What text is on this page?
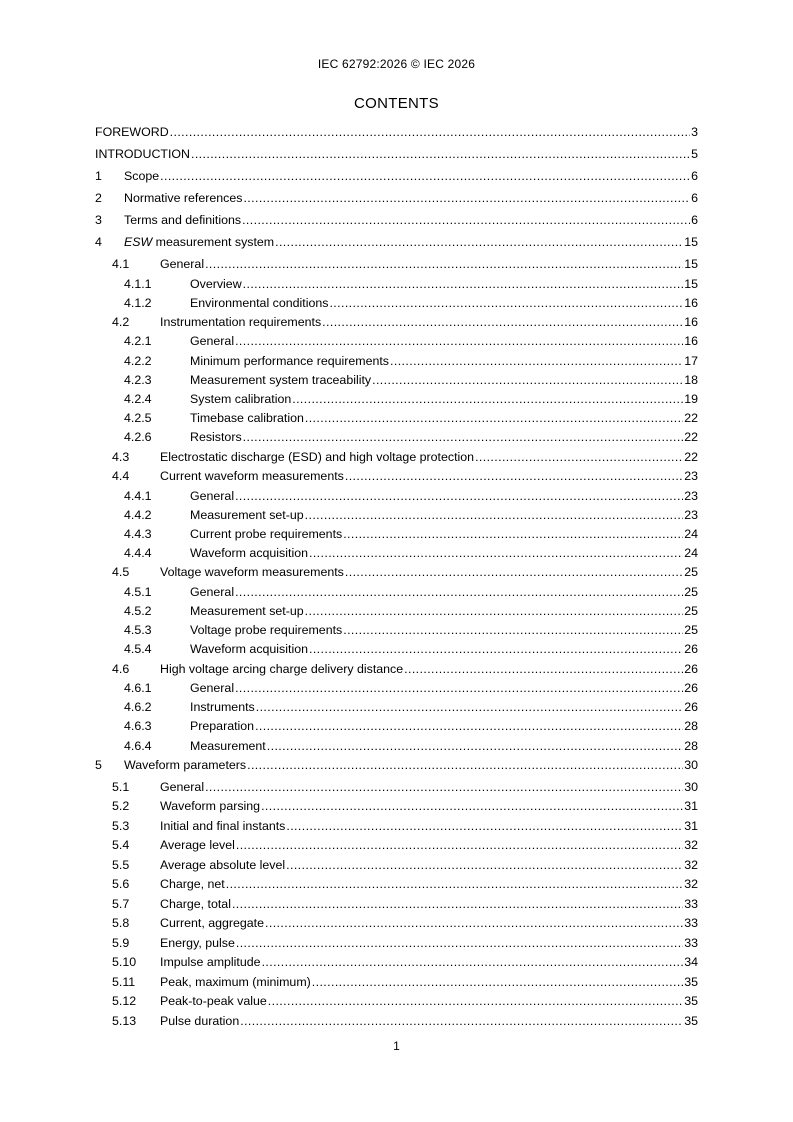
IEC 62792:2026 © IEC 2026
CONTENTS
FOREWORD .....	3
INTRODUCTION .....	5
1	Scope .....	6
2	Normative references .....	6
3	Terms and definitions .....	6
4	ESW measurement system .....	15
4.1	General .....	15
4.1.1	Overview .....	15
4.1.2	Environmental conditions .....	16
4.2	Instrumentation requirements .....	16
4.2.1	General .....	16
4.2.2	Minimum performance requirements .....	17
4.2.3	Measurement system traceability .....	18
4.2.4	System calibration .....	19
4.2.5	Timebase calibration .....	22
4.2.6	Resistors .....	22
4.3	Electrostatic discharge (ESD) and high voltage protection .....	22
4.4	Current waveform measurements .....	23
4.4.1	General .....	23
4.4.2	Measurement set-up .....	23
4.4.3	Current probe requirements .....	24
4.4.4	Waveform acquisition .....	24
4.5	Voltage waveform measurements .....	25
4.5.1	General .....	25
4.5.2	Measurement set-up .....	25
4.5.3	Voltage probe requirements .....	25
4.5.4	Waveform acquisition .....	26
4.6	High voltage arcing charge delivery distance .....	26
4.6.1	General .....	26
4.6.2	Instruments .....	26
4.6.3	Preparation .....	28
4.6.4	Measurement .....	28
5	Waveform parameters .....	30
5.1	General .....	30
5.2	Waveform parsing .....	31
5.3	Initial and final instants .....	31
5.4	Average level .....	32
5.5	Average absolute level .....	32
5.6	Charge, net .....	32
5.7	Charge, total .....	33
5.8	Current, aggregate .....	33
5.9	Energy, pulse .....	33
5.10	Impulse amplitude .....	34
5.11	Peak, maximum (minimum) .....	35
5.12	Peak-to-peak value .....	35
5.13	Pulse duration .....	35
1
